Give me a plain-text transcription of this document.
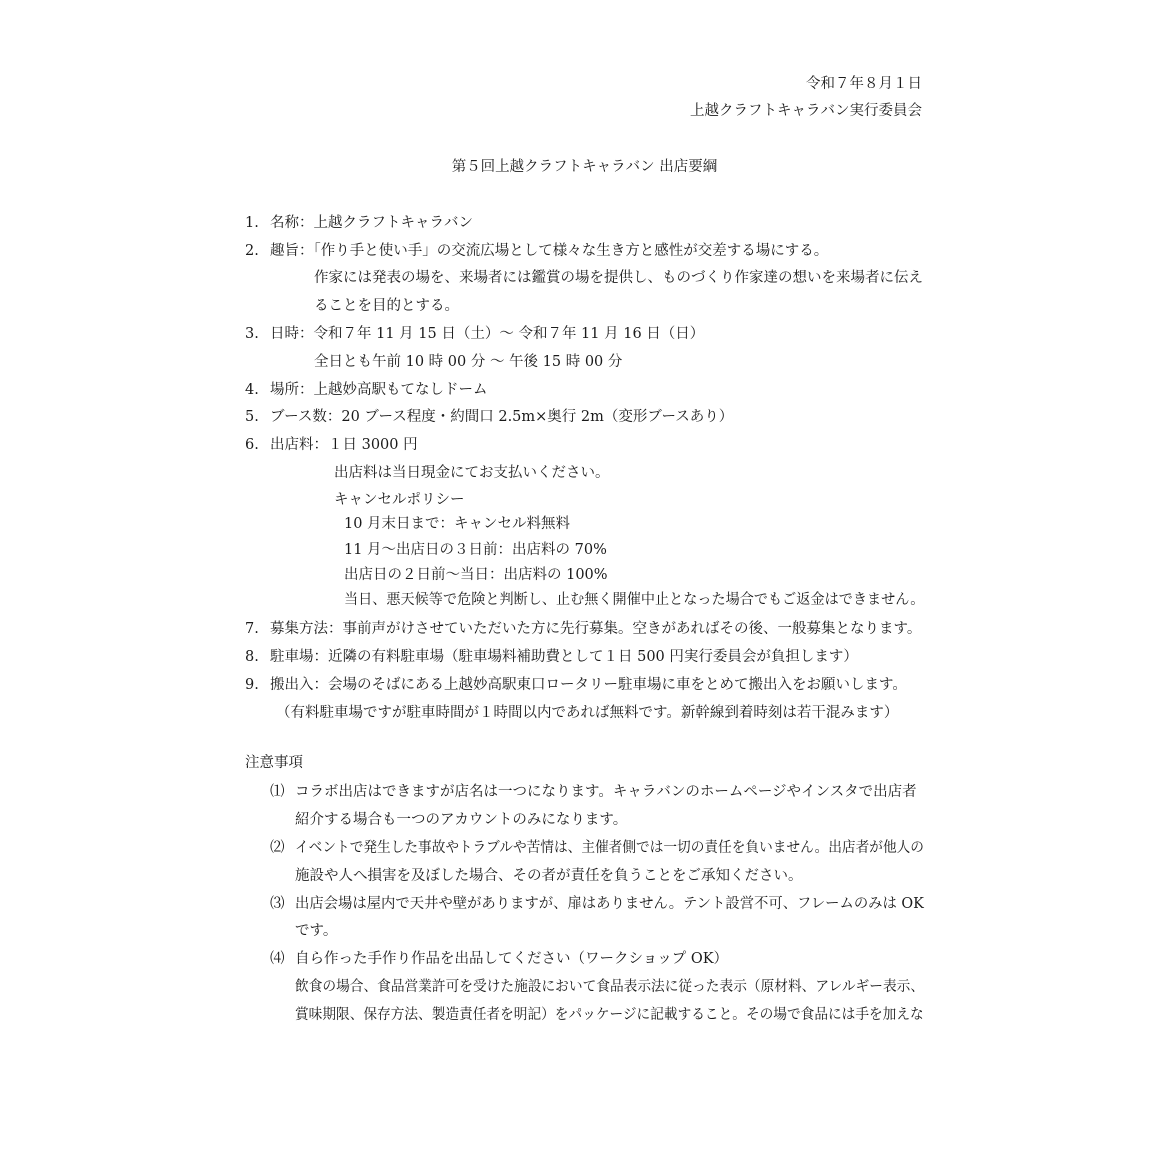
令和７年８月１日
上越クラフトキャラバン実行委員会
第５回上越クラフトキャラバン 出店要綱
1. 名称：上越クラフトキャラバン
2. 趣旨：「作り手と使い手」の交流広場として様々な生き方と感性が交差する場にする。
作家には発表の場を、来場者には鑑賞の場を提供し、ものづくり作家達の想いを来場者に伝え
ることを目的とする。
3. 日時：令和７年 11 月 15 日（土）〜 令和７年 11 月 16 日（日）
全日とも午前 10 時 00 分 〜 午後 15 時 00 分
4. 場所：上越妙高駅もてなしドーム
5. ブース数：20 ブース程度・約間口 2.5m×奥行 2m（変形ブースあり）
6. 出店料：１日 3000 円
出店料は当日現金にてお支払いください。
キャンセルポリシー
10 月末日まで：キャンセル料無料
11 月〜出店日の３日前：出店料の 70%
出店日の２日前〜当日：出店料の 100%
当日、悪天候等で危険と判断し、止む無く開催中止となった場合でもご返金はできません。
7. 募集方法：事前声がけさせていただいた方に先行募集。空きがあればその後、一般募集となります。
8. 駐車場：近隣の有料駐車場（駐車場料補助費として１日 500 円実行委員会が負担します）
9. 搬出入：会場のそばにある上越妙高駅東口ロータリー駐車場に車をとめて搬出入をお願いします。
（有料駐車場ですが駐車時間が１時間以内であれば無料です。新幹線到着時刻は若干混みます）
注意事項
⑴ コラボ出店はできますが店名は一つになります。キャラバンのホームページやインスタで出店者
紹介する場合も一つのアカウントのみになります。
⑵ イベントで発生した事故やトラブルや苦情は、主催者側では一切の責任を負いません。出店者が他人の
施設や人へ損害を及ぼした場合、その者が責任を負うことをご承知ください。
⑶ 出店会場は屋内で天井や壁がありますが、扉はありません。テント設営不可、フレームのみは OK
です。
⑷ 自ら作った手作り作品を出品してください（ワークショップ OK）
飲食の場合、食品営業許可を受けた施設において食品表示法に従った表示（原材料、アレルギー表示、
賞味期限、保存方法、製造責任者を明記）をパッケージに記載すること。その場で食品には手を加えな
